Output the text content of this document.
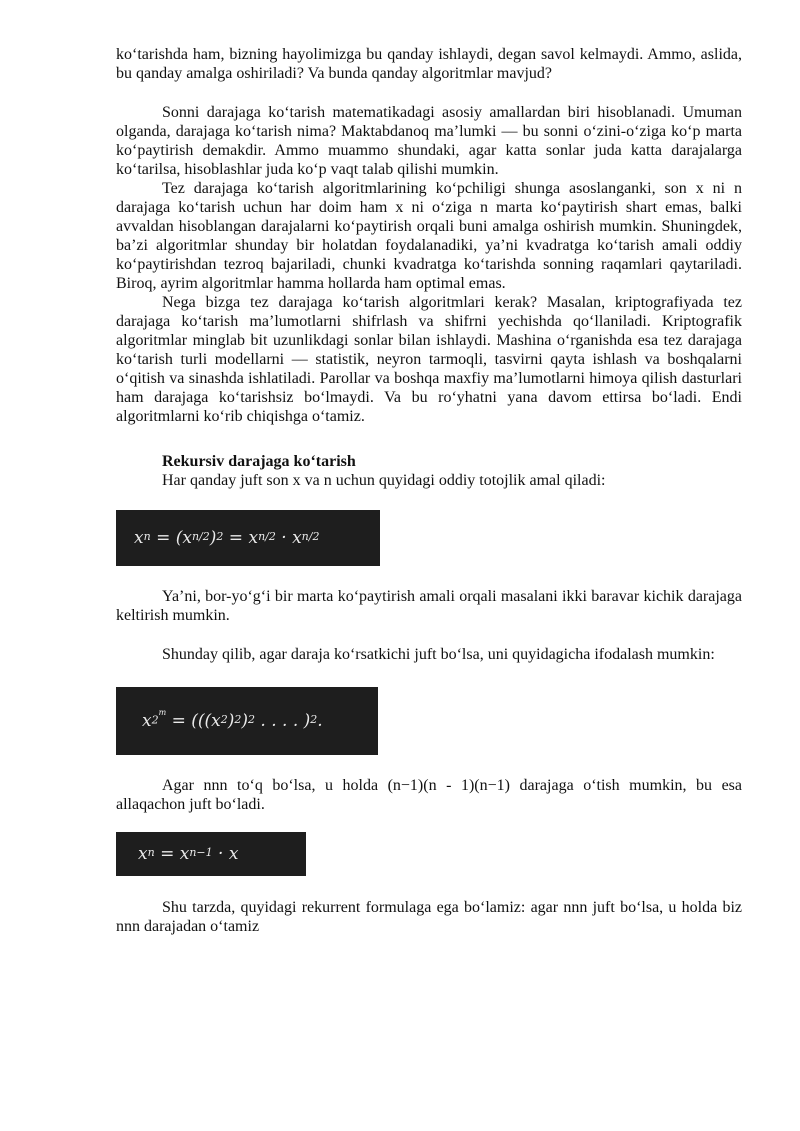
ko‘tarishda ham, bizning hayolimizga bu qanday ishlaydi, degan savol kelmaydi. Ammo, aslida, bu qanday amalga oshiriladi? Va bunda qanday algoritmlar mavjud?

Sonni darajaga ko‘tarish matematikadagi asosiy amallardan biri hisoblanadi. Umuman olganda, darajaga ko‘tarish nima? Maktabdanoq ma’lumki — bu sonni o‘zini-o‘ziga ko‘p marta ko‘paytirish demakdir. Ammo muammo shundaki, agar katta sonlar juda katta darajalarga ko‘tarilsa, hisoblashlar juda ko‘p vaqt talab qilishi mumkin.

Tez darajaga ko‘tarish algoritmlarining ko‘pchiligi shunga asoslanganki, son x ni n darajaga ko‘tarish uchun har doim ham x ni o‘ziga n marta ko‘paytirish shart emas, balki avvaldan hisoblangan darajalarni ko‘paytirish orqali buni amalga oshirish mumkin. Shuningdek, ba’zi algoritmlar shunday bir holatdan foydalanadiki, ya’ni kvadratga ko‘tarish amali oddiy ko‘paytirishdan tezroq bajariladi, chunki kvadratga ko‘tarishda sonning raqamlari qaytariladi. Biroq, ayrim algoritmlar hamma hollarda ham optimal emas.

Nega bizga tez darajaga ko‘tarish algoritmlari kerak? Masalan, kriptografiyada tez darajaga ko‘tarish ma’lumotlarni shifrlash va shifrni yechishda qo‘llaniladi. Kriptografik algoritmlar minglab bit uzunlikdagi sonlar bilan ishlaydi. Mashina o‘rganishda esa tez darajaga ko‘tarish turli modellarni — statistik, neyron tarmoqli, tasvirni qayta ishlash va boshqalarni o‘qitish va sinashda ishlatiladi. Parollar va boshqa maxfiy ma’lumotlarni himoya qilish dasturlari ham darajaga ko‘tarishsiz bo‘lmaydi. Va bu ro‘yhatni yana davom ettirsa bo‘ladi. Endi algoritmlarni ko‘rib chiqishga o‘tamiz.

Rekursiv darajaga ko‘tarish

Har qanday juft son x va n uchun quyidagi oddiy totojlik amal qiladi:

$x^n$ = ( $x^{n/2}$ )$^2 = x^{n/2} \cdot x^{n/2}$

Ya’ni, bor-yo‘g‘i bir marta ko‘paytirish amali orqali masalani ikki baravar kichik darajaga keltirish mumkin.

Shunday qilib, agar daraja ko‘rsatkichi juft bo‘lsa, uni quyidagicha ifodalash mumkin:

x $^{2^m}$ = ((( $x^2$ )$^2$ )$^2$ . . . . )$^2$ .

Agar nnn to‘q bo‘lsa, u holda (n−1)(n - 1)(n−1) darajaga o‘tish mumkin, bu esa allaqachon juft bo‘ladi.

$x^n = x^{n-1} \cdot x$

Shu tarzda, quyidagi rekurrent formulaga ega bo‘lamiz: agar nnn juft bo‘lsa, u holda biz nnn darajadan o‘tamiz
